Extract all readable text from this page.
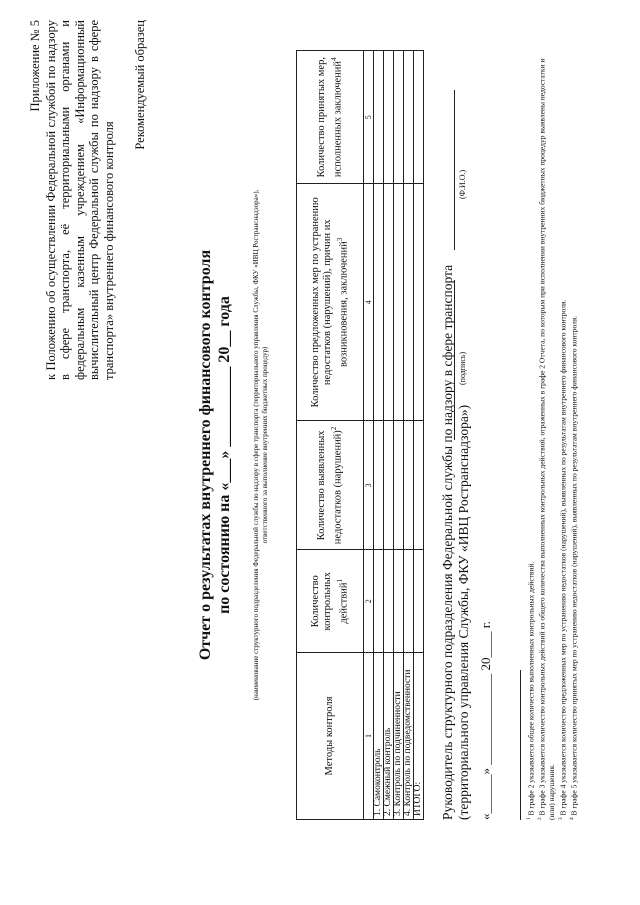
Приложение № 5 к Положению об осуществлении Федеральной службой по надзору в сфере транспорта, её территориальными органами и федеральным казенным учреждением «Информационный вычислительный центр Федеральной службы по надзору в сфере транспорта» внутреннего финансового контроля
Рекомендуемый образец
Отчет о результатах внутреннего финансового контроля по состоянию на «___» __________ 20__ года	(наименование структурного подразделения Федеральной службы по надзору в сфере транспорта (территориального управления Службы, ФКУ «ИВЦ Ространснадзора»), ответственного за выполнение внутренних бюджетных процедур)
Методы контроля	Количество контрольных действий$^1$	Количество выявленных недостатков (нарушений)$^2$	Количество предложенных мер по устранению недостатков (нарушений), причин их возникновения, заключений$^3$	Количество принятых мер, исполненных заключений$^4$
1	2	3	4	5
1. Самоконтроль				
2. Смежный контроль				
3. Контроль по подчиненности				
4. Контроль по подведомственности				
ИТОГО:				Руководитель структурного подразделения Федеральной службы по надзору в сфере транспорта (территориального управления Службы, ФКУ «ИВЦ Ространснадзора»)
(подпись)
(Ф.И.О.)
«______» ______________ 20____ г.	$^1$ В графе 2 указывается общее количество выполненных контрольных действий.

$^2$ В графе 3 указывается количество контрольных действий из общего количества выполненных контрольных действий, отраженных в графе 2 Отчета, по которым при исполнении внутренних бюджетных процедур выявлены недостатки и (или) нарушения. $^3$ В графе 4 указывается количество предложенных мер по устранению недостатков (нарушений), выявленных по результатам внутреннего финансового контроля.

$^4$ В графе 5 указывается количество принятых мер по устранению недостатков (нарушений), выявленных по результатам внутреннего финансового контроля.
